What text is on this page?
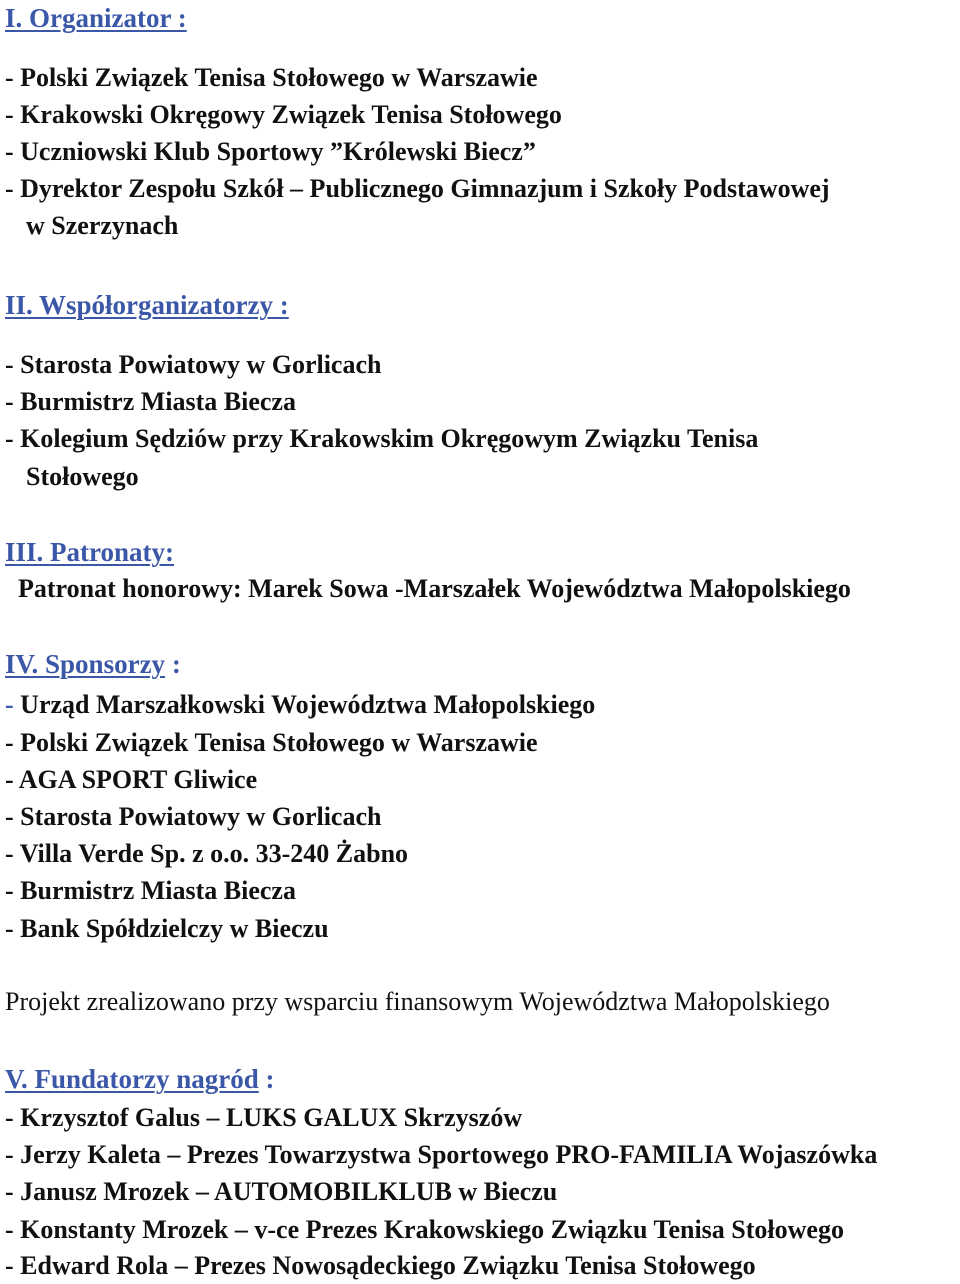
I. Organizator :
- Polski Związek Tenisa Stołowego w Warszawie
- Krakowski Okręgowy Związek Tenisa Stołowego
- Uczniowski Klub Sportowy ”Królewski Biecz”
- Dyrektor Zespołu Szkół – Publicznego Gimnazjum i Szkoły Podstawowej
w Szerzynach
II. Współorganizatorzy :
- Starosta Powiatowy w Gorlicach
- Burmistrz Miasta Biecza
- Kolegium Sędziów przy Krakowskim Okręgowym Związku Tenisa
Stołowego
III. Patronaty:
Patronat honorowy: Marek Sowa -Marszałek Województwa Małopolskiego
IV. Sponsorzy :
- Urząd Marszałkowski Województwa Małopolskiego
- Polski Związek Tenisa Stołowego w Warszawie
- AGA SPORT Gliwice
- Starosta Powiatowy w Gorlicach
- Villa Verde Sp. z o.o. 33-240 Żabno
- Burmistrz Miasta Biecza
- Bank Spółdzielczy w Bieczu
Projekt zrealizowano przy wsparciu finansowym Województwa Małopolskiego
V. Fundatorzy nagród :
- Krzysztof Galus – LUKS GALUX Skrzyszów
- Jerzy Kaleta – Prezes Towarzystwa Sportowego PRO-FAMILIA Wojaszówka
- Janusz Mrozek – AUTOMOBILKLUB w Bieczu
- Konstanty Mrozek – v-ce Prezes Krakowskiego Związku Tenisa Stołowego
- Edward Rola – Prezes Nowosądeckiego Związku Tenisa Stołowego
